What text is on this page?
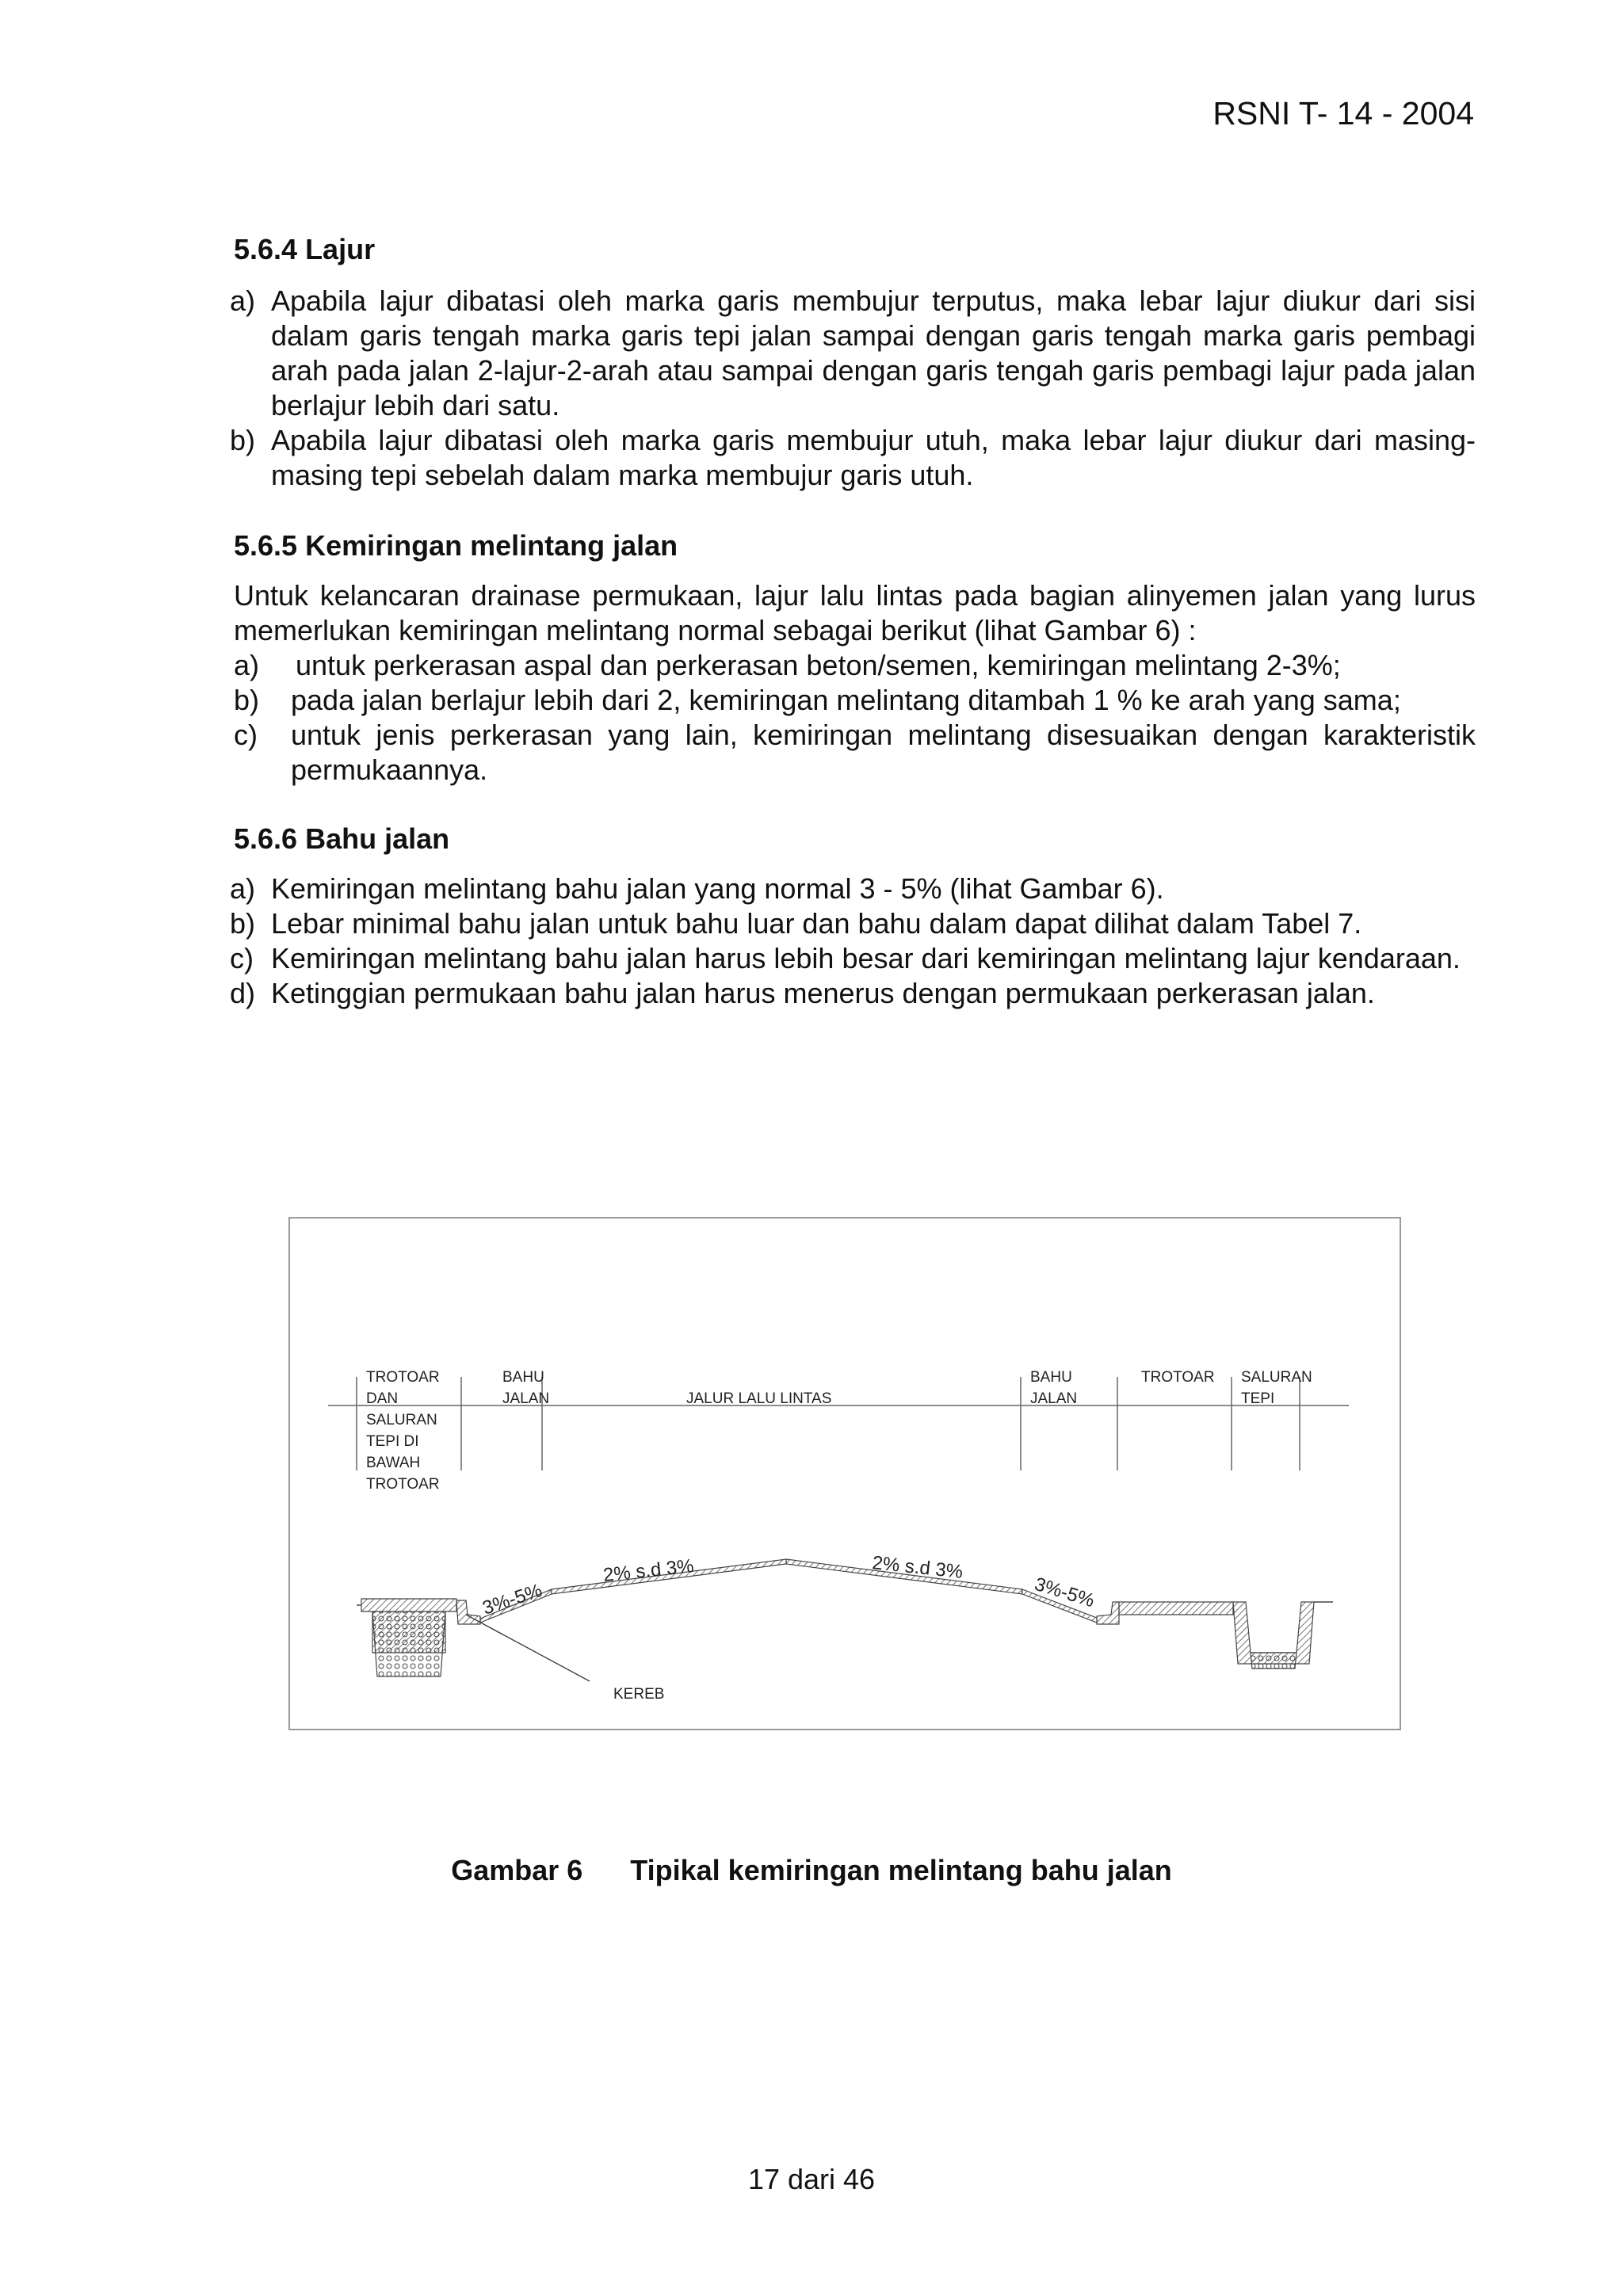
RSNI T- 14 - 2004
5.6.4 Lajur
a) Apabila lajur dibatasi oleh marka garis membujur terputus, maka lebar lajur diukur dari sisi dalam garis tengah marka garis tepi jalan sampai dengan garis tengah marka garis pembagi arah pada jalan 2-lajur-2-arah atau sampai dengan garis tengah garis pembagi lajur pada jalan berlajur lebih dari satu.
b) Apabila lajur dibatasi oleh marka garis membujur utuh, maka lebar lajur diukur dari masing-masing tepi sebelah dalam marka membujur garis utuh.
5.6.5 Kemiringan melintang jalan
Untuk kelancaran drainase permukaan, lajur lalu lintas pada bagian alinyemen jalan yang lurus memerlukan kemiringan melintang normal sebagai berikut (lihat Gambar 6) :
a)	untuk perkerasan aspal dan perkerasan beton/semen, kemiringan melintang 2-3%;
b)	pada jalan berlajur lebih dari 2, kemiringan melintang ditambah 1 % ke arah yang sama;
c)	untuk jenis perkerasan yang lain, kemiringan melintang disesuaikan dengan karakteristik permukaannya.
5.6.6 Bahu jalan
a) Kemiringan melintang bahu jalan yang normal 3 - 5% (lihat Gambar 6).
b) Lebar minimal bahu jalan untuk bahu luar dan bahu dalam dapat dilihat dalam Tabel 7.
c) Kemiringan melintang bahu jalan harus lebih besar dari kemiringan melintang lajur kendaraan.
d) Ketinggian permukaan bahu jalan harus menerus dengan permukaan perkerasan jalan.
TROTOAR
DAN
SALURAN
TEPI DI
BAWAH
TROTOAR
BAHU
JALAN	JALUR LALU LINTAS
BAHU
JALAN
TROTOAR SALURAN
TEPI
3%-5%
2% s.d 3%	2% s.d 3%
3%-5%
KEREB
Gambar 6 Tipikal kemiringan melintang bahu jalan
17 dari 46
